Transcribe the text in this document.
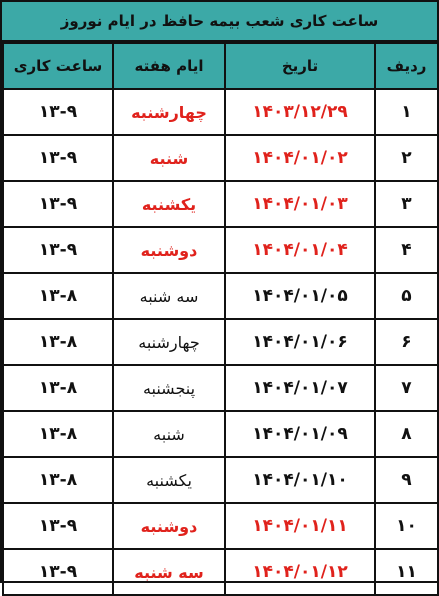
ساعت کاری شعب بیمه حافظ در ایام نوروز
ردیف	تاریخ	ایام هفته	ساعت کاری
۱	۱۴۰۳/۱۲/۲۹	چهارشنبه	۱۳-۹
۲	۱۴۰۴/۰۱/۰۲	شنبه	۱۳-۹
۳	۱۴۰۴/۰۱/۰۳	یکشنبه	۱۳-۹
۴	۱۴۰۴/۰۱/۰۴	دوشنبه	۱۳-۹
۵	۱۴۰۴/۰۱/۰۵	سه شنبه	۱۳-۸
۶	۱۴۰۴/۰۱/۰۶	چهارشنبه	۱۳-۸
۷	۱۴۰۴/۰۱/۰۷	پنجشنبه	۱۳-۸
۸	۱۴۰۴/۰۱/۰۹	شنبه	۱۳-۸
۹	۱۴۰۴/۰۱/۱۰	یکشنبه	۱۳-۸
۱۰	۱۴۰۴/۰۱/۱۱	دوشنبه	۱۳-۹
۱۱	۱۴۰۴/۰۱/۱۲	سه شنبه	۱۳-۹
